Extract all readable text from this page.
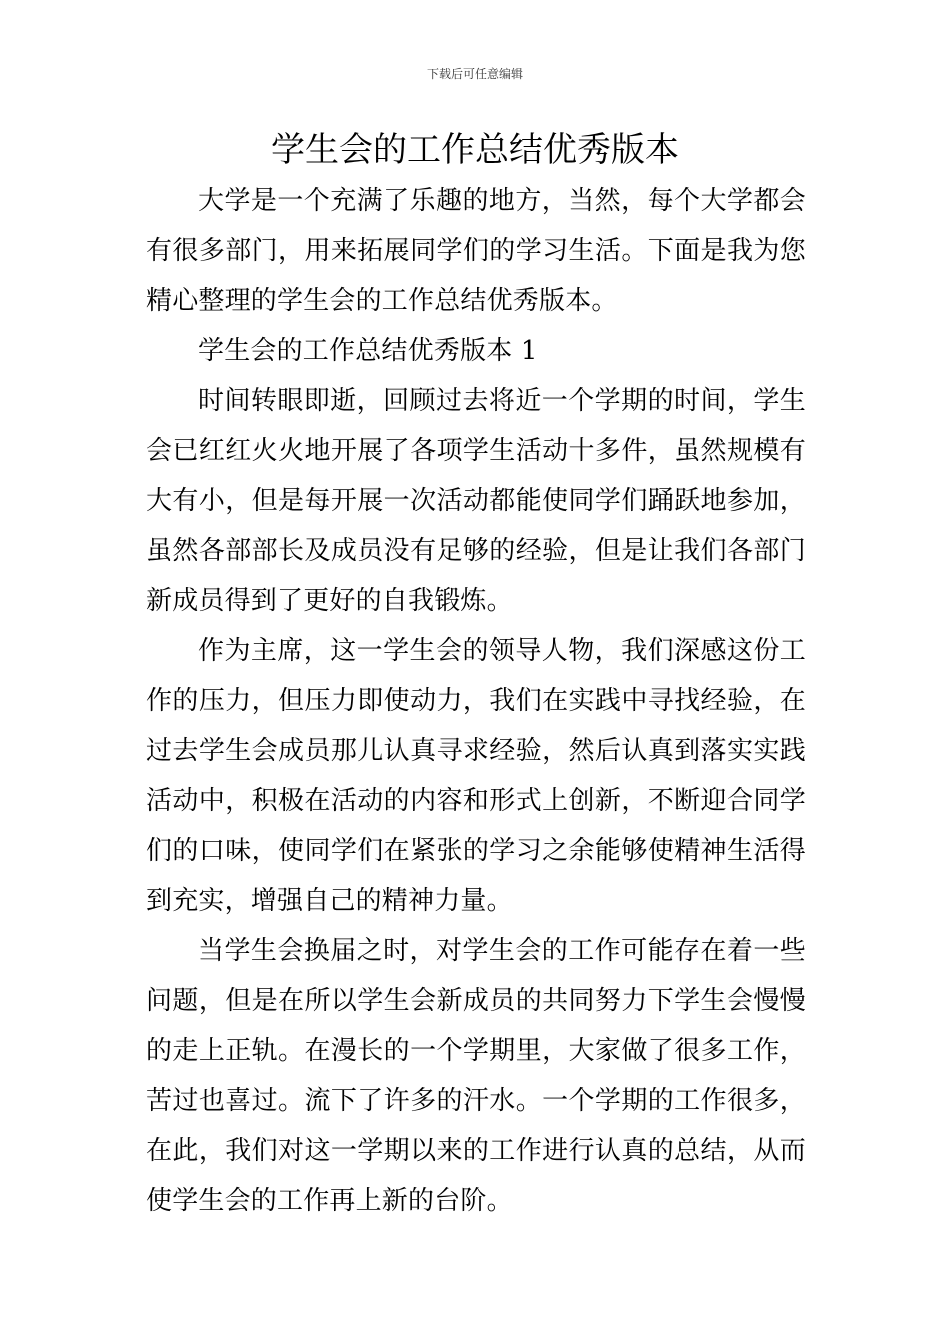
下载后可任意编辑
学生会的工作总结优秀版本

大学是一个充满了乐趣的地方，当然，每个大学都会有很多部门，用来拓展同学们的学习生活。下面是我为您精心整理的学生会的工作总结优秀版本。

学生会的工作总结优秀版本 1

时间转眼即逝，回顾过去将近一个学期的时间，学生会已红红火火地开展了各项学生活动十多件，虽然规模有大有小，但是每开展一次活动都能使同学们踊跃地参加，虽然各部部长及成员没有足够的经验，但是让我们各部门新成员得到了更好的自我锻炼。

作为主席，这一学生会的领导人物，我们深感这份工作的压力，但压力即使动力，我们在实践中寻找经验，在过去学生会成员那儿认真寻求经验，然后认真到落实实践活动中，积极在活动的内容和形式上创新，不断迎合同学们的口味，使同学们在紧张的学习之余能够使精神生活得到充实，增强自己的精神力量。

当学生会换届之时，对学生会的工作可能存在着一些问题，但是在所以学生会新成员的共同努力下学生会慢慢的走上正轨。在漫长的一个学期里，大家做了很多工作，苦过也喜过。流下了许多的汗水。一个学期的工作很多，在此，我们对这一学期以来的工作进行认真的总结，从而使学生会的工作再上新的台阶。
